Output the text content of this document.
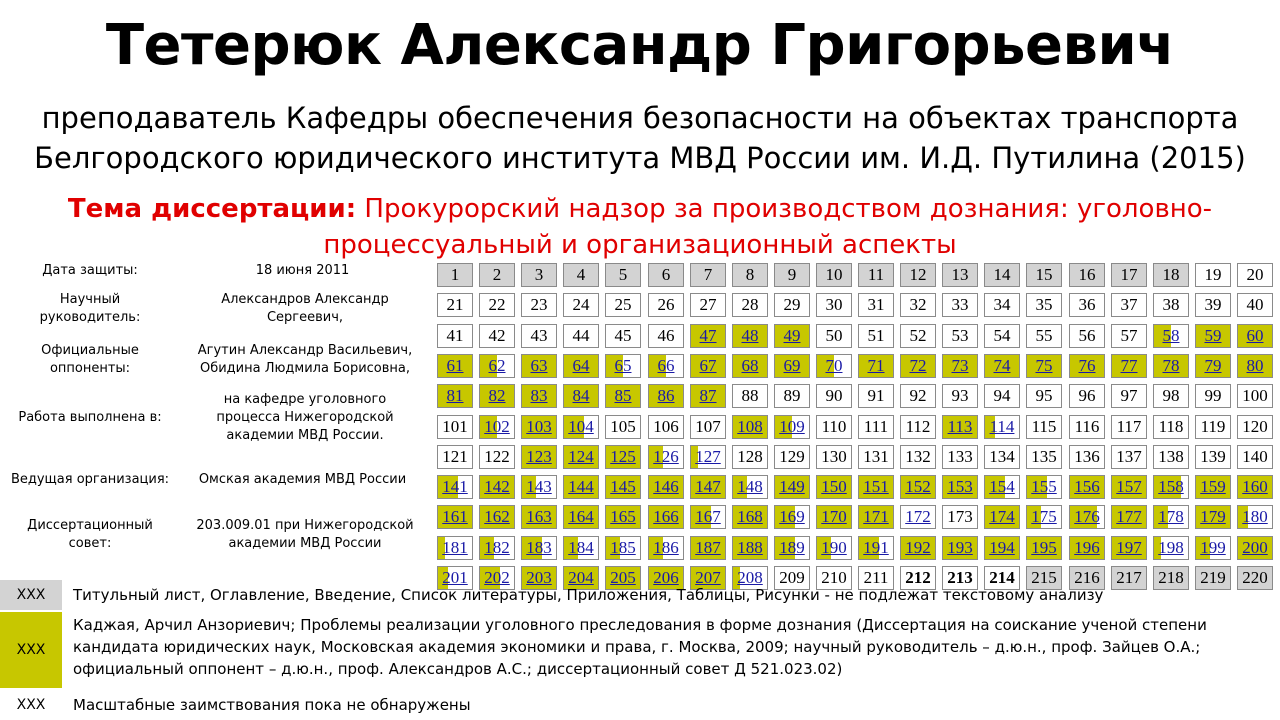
Тетерюк Александр Григорьевич
преподаватель Кафедры обеспечения безопасности на объектах транспорта
Белгородского юридического института МВД России им. И.Д. Путилина (2015)
Тема диссертации: Прокурорский надзор за производством дознания: уголовно-процессуальный и организационный аспекты
Дата защиты:	18 июня 2011
Научный руководитель:
Александров Александр Сергеевич,
Официальные оппоненты:
Агутин Александр Васильевич, Обидина Людмила Борисовна,
Работа выполнена в:
на кафедре уголовного процесса Нижегородской академии МВД России.
Ведущая организация:	Омская академия МВД России
Диссертационный совет:
203.009.01 при Нижегородской академии МВД России
1	2	3	4	5	6	7	8	9	10	11	12	13	14	15	16	17	18	19	20
21	22	23	24	25	26	27	28	29	30	31	32	33	34	35	36	37	38	39	40
41	42	43	44	45	46	47	48	49	50	51	52	53	54	55	56	57	58	59	60
61	62	63	64	65	66	67	68	69	70	71	72	73	74	75	76	77	78	79	80
81	82	83	84	85	86	87	88	89	90	91	92	93	94	95	96	97	98	99	100
101 102 103 104 105	106 107 108 109 110	111	112	113	114	115	116	117	118	119 120
121 122 123 124 125	126 127 128 129 130 131 132 133 134 135	136 137 138 139 140
141 142 143 144 145	146 147 148 149 150 151 152 153 154 155	156 157 158 159 160
161 162 163 164 165	166 167 168 169 170 171 172 173 174 175	176 177 178 179 180
181 182 183 184 185	186 187 188 189 190 191 192 193 194 195	196 197 198 199 200
201 202 203 204 205	206 207 208 209 210 211 212 213 214 215	216 217 218 219 220
XXX	Титульный лист, Оглавление, Введение, Список литературы, Приложения, Таблицы, Рисунки - не подлежат текстовому анализу
XXX
Каджая, Арчил Анзориевич; Проблемы реализации уголовного преследования в форме дознания (Диссертация на соискание ученой степени кандидата юридических наук, Московская академия экономики и права, г. Москва, 2009; научный руководитель – д.ю.н., проф. Зайцев О.А.; официальный оппонент – д.ю.н., проф. Александров А.С.; диссертационный совет Д 521.023.02)
XXX	Масштабные заимствования пока не обнаружены
